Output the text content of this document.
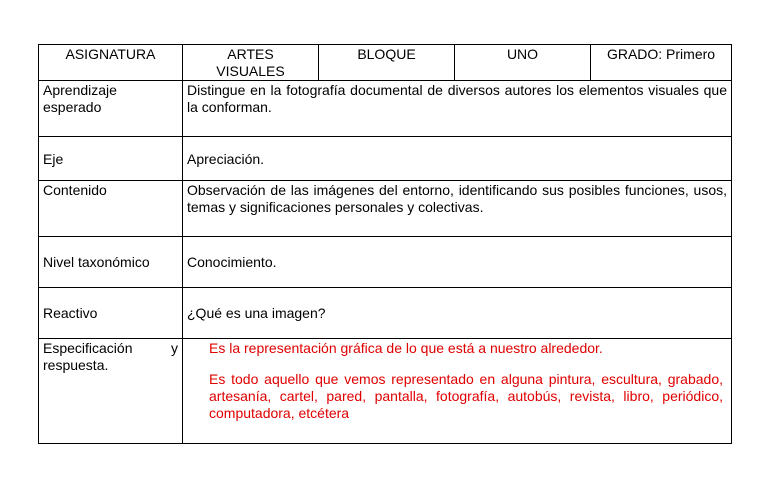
ASIGNATURA	ARTES VISUALES	BLOQUE	UNO	GRADO: Primero
Aprendizaje esperado	Distingue en la fotografía documental de diversos autores los elementos visuales que la conforman.			
Eje	Apreciación.			
Contenido	Observación de las imágenes del entorno, identificando sus posibles funciones, usos, temas y significaciones personales y colectivas.			
Nivel taxonómico	Conocimiento.			
Reactivo	¿Qué es una imagen?			
Especificación y respuesta.	Es la representación gráfica de lo que está a nuestro alrededor.

Es todo aquello que vemos representado en alguna pintura, escultura, grabado, artesanía, cartel, pared, pantalla, fotografía, autobús, revista, libro, periódico, computadora, etcétera			
